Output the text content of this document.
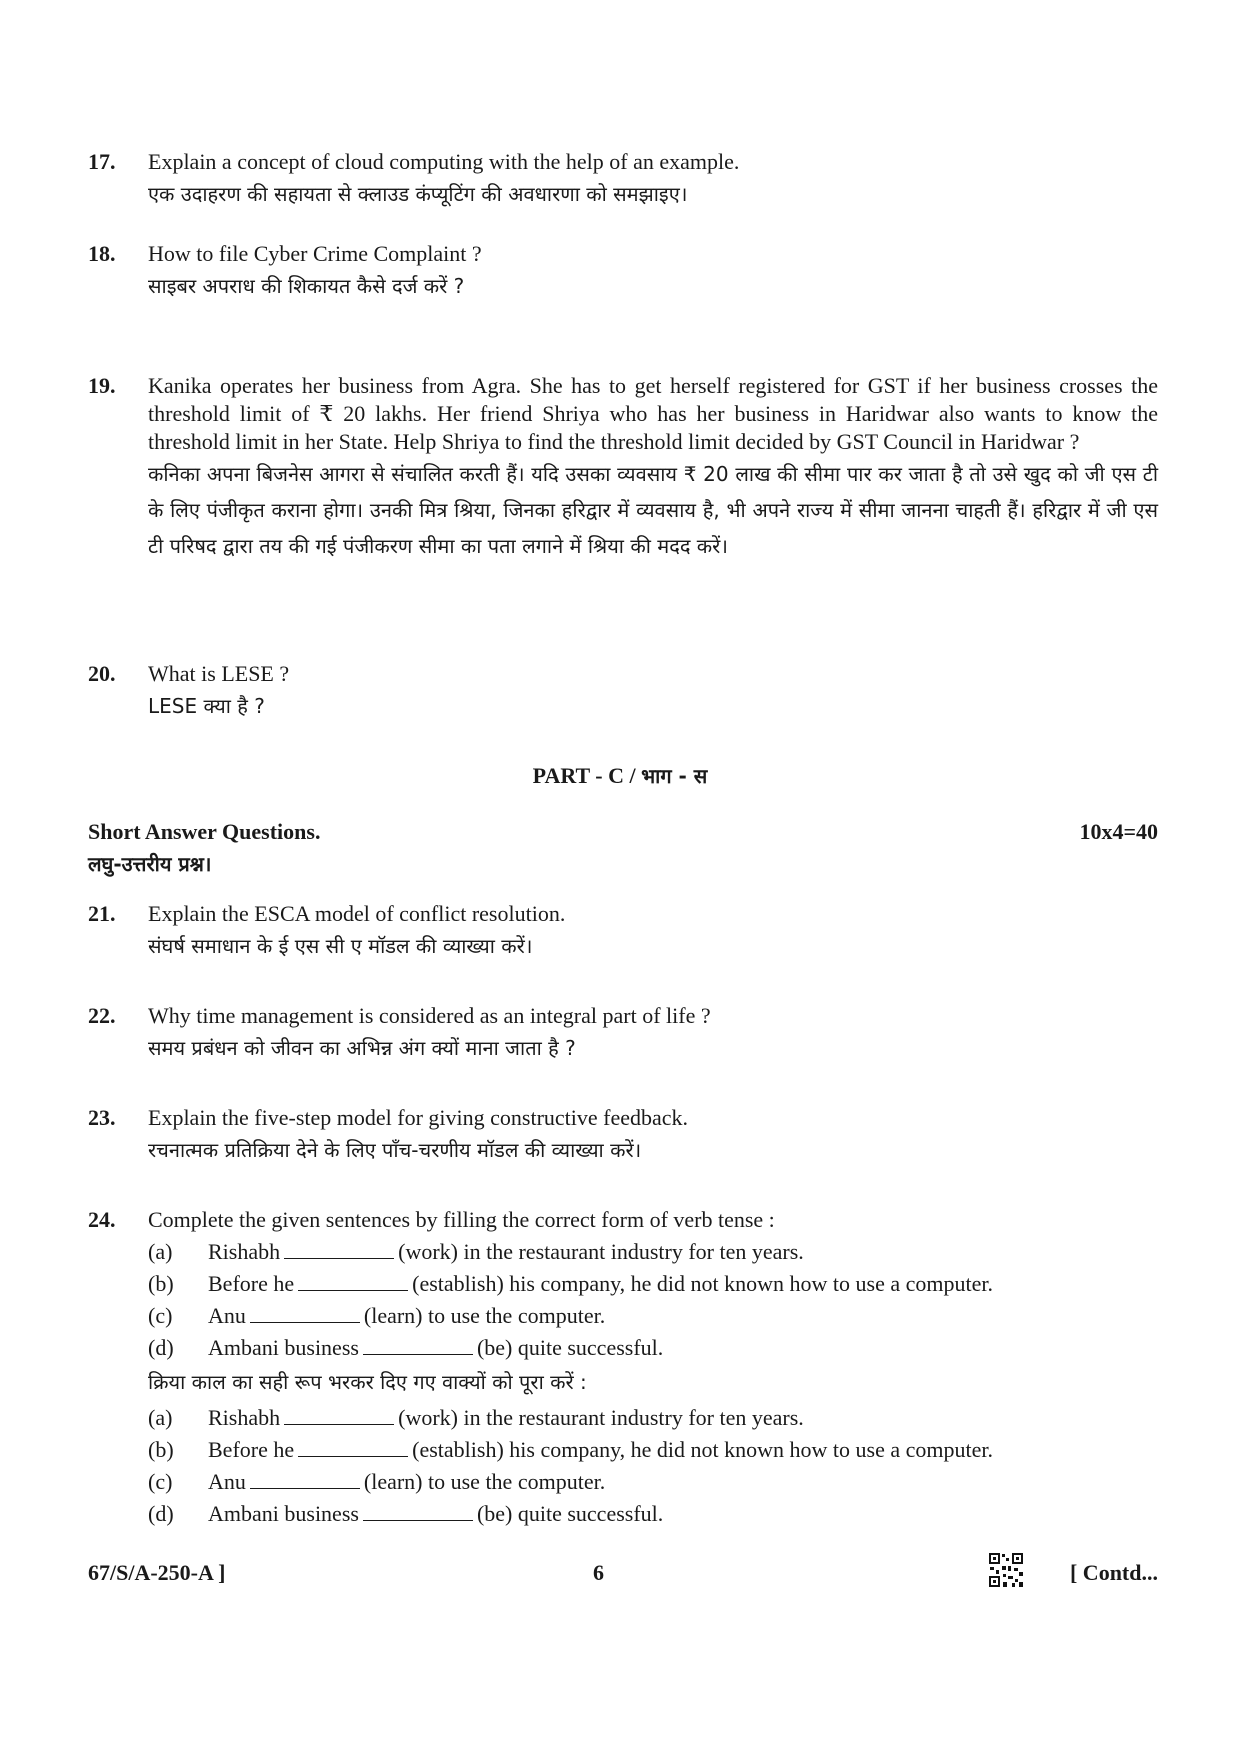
17. Explain a concept of cloud computing with the help of an example.

एक उदाहरण की सहायता से क्लाउड कंप्यूटिंग की अवधारणा को समझाइए।

18. How to file Cyber Crime Complaint ?

साइबर अपराध की शिकायत कैसे दर्ज करें ?

19. Kanika operates her business from Agra. She has to get herself registered for GST if her business crosses the threshold limit of ₹ 20 lakhs. Her friend Shriya who has her business in Haridwar also wants to know the threshold limit in her State. Help Shriya to find the threshold limit decided by GST Council in Haridwar ?

कनिका अपना बिजनेस आगरा से संचालित करती हैं। यदि उसका व्यवसाय ₹ 20 लाख की सीमा पार कर जाता है तो उसे खुद को जी एस टी के लिए पंजीकृत कराना होगा। उनकी मित्र श्रिया, जिनका हरिद्वार में व्यवसाय है, भी अपने राज्य में सीमा जानना चाहती हैं। हरिद्वार में जी एस टी परिषद द्वारा तय की गई पंजीकरण सीमा का पता लगाने में श्रिया की मदद करें।

20. What is LESE ?

LESE क्या है ?

PART - C / भाग - स

Short Answer Questions.

लघु-उत्तरीय प्रश्न।

10x4=40
21. Explain the ESCA model of conflict resolution.

संघर्ष समाधान के ई एस सी ए मॉडल की व्याख्या करें।

22. Why time management is considered as an integral part of life ?

समय प्रबंधन को जीवन का अभिन्न अंग क्यों माना जाता है ?

23. Explain the five-step model for giving constructive feedback.

रचनात्मक प्रतिक्रिया देने के लिए पाँच-चरणीय मॉडल की व्याख्या करें।

24. Complete the given sentences by filling the correct form of verb tense :

(a)	Rishabh	(work) in the restaurant industry for ten years.
(b)	Before he	(establish) his company, he did not known how to use a computer.
(c)	Anu	(learn) to use the computer.
(d)	Ambani business	(be) quite successful.

क्रिया काल का सही रूप भरकर दिए गए वाक्यों को पूरा करें :

(a)	Rishabh	(work) in the restaurant industry for ten years.
(b)	Before he	(establish) his company, he did not known how to use a computer.
(c)	Anu	(learn) to use the computer.
(d)	Ambani business	(be) quite successful.
67/S/A-250-A ]	6	[ Contd...
